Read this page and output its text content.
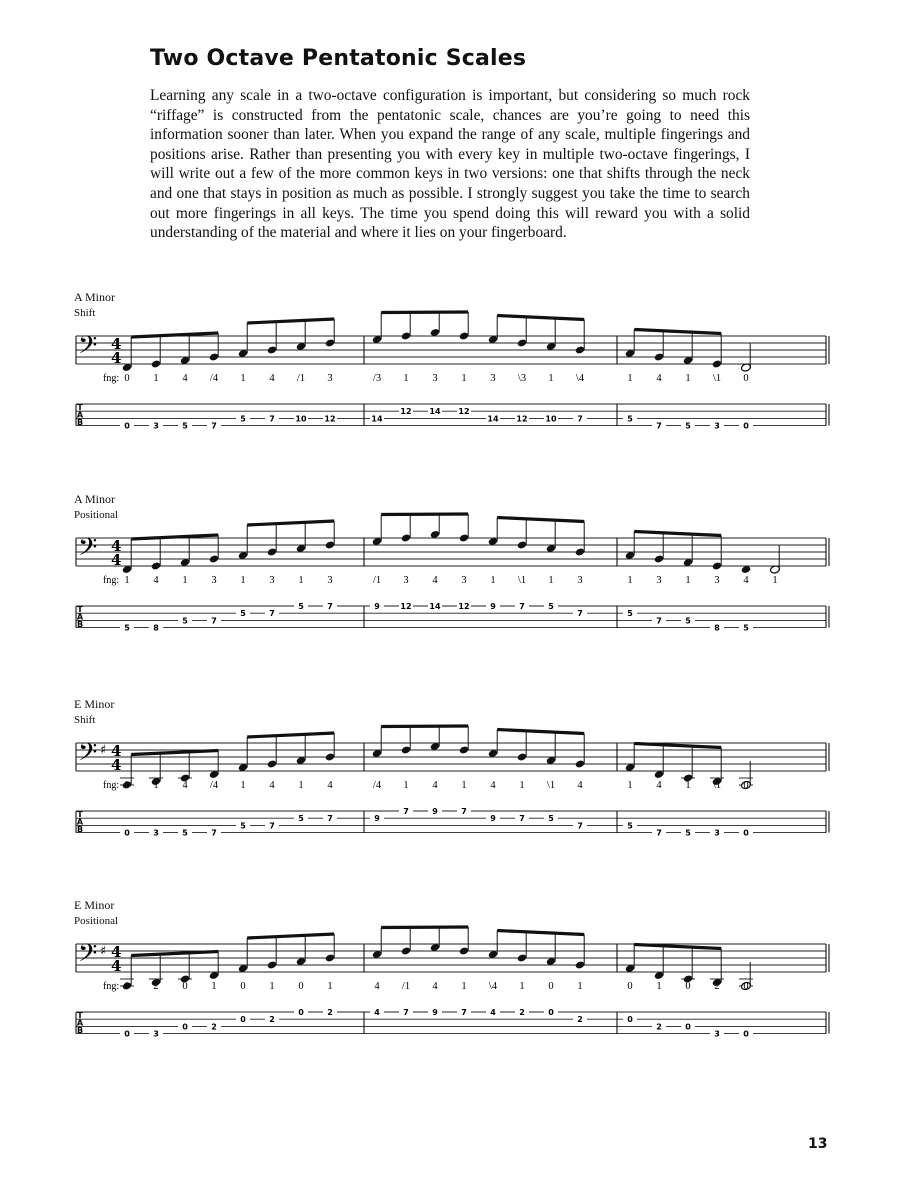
Two Octave Pentatonic Scales
Learning any scale in a two-octave configuration is important, but considering so much rock “riffage” is constructed from the pentatonic scale, chances are you’re going to need this information sooner than later. When you expand the range of any scale, multiple fingerings and positions arise. Rather than presenting you with every key in multiple two-octave fingerings, I will write out a few of the more common keys in two versions: one that shifts through the neck and one that stays in position as much as possible. I strongly suggest you take the time to search out more fingerings in all keys. The time you spend doing this will reward you with a solid understanding of the material and where it lies on your fingerboard.
A Minor
Shift
𝄢 4
4
T
A
B
fng: 0
0
1
3
4
5
/4
7
1
5
4
7
/1
10
3
12
/3
14
1
12
3
14
1
12
3
14
\3
12
1
10
\4
7
1
5
4
7
1
5
\1
3
0
0
A Minor
Positional
𝄢 4
4
T
A
B
fng: 1
5
4
8
1
5
3
7
1
5
3
7
1
5
3
7
/1
9
3
12
4
14
3
12
1
9
\1
7
1
5
3
7
1
5
3
7
1
5
3
8
4
5
1
E Minor
Shift
𝄢 ♯ 4
4
T
A
B
fng: 0
0
1
3
4
5
/4
7
1
5
4
7
1
5
4
7
/4
9
1
7
4
9
1
7
4
9
1
7
\1
5
4
7
1
5
4
7
1
5
\1
3
0
0
E Minor
Positional
𝄢 ♯ 4
4
T
A
B
fng: 0
0
2
3
0
0
1
2
0
0
1
2
0
0
1
2
4
4
/1
7
4
9
1
7
\4
4
1
2
0
0
1
2
0
0
1
2
0
0
2
3
0
0
13
